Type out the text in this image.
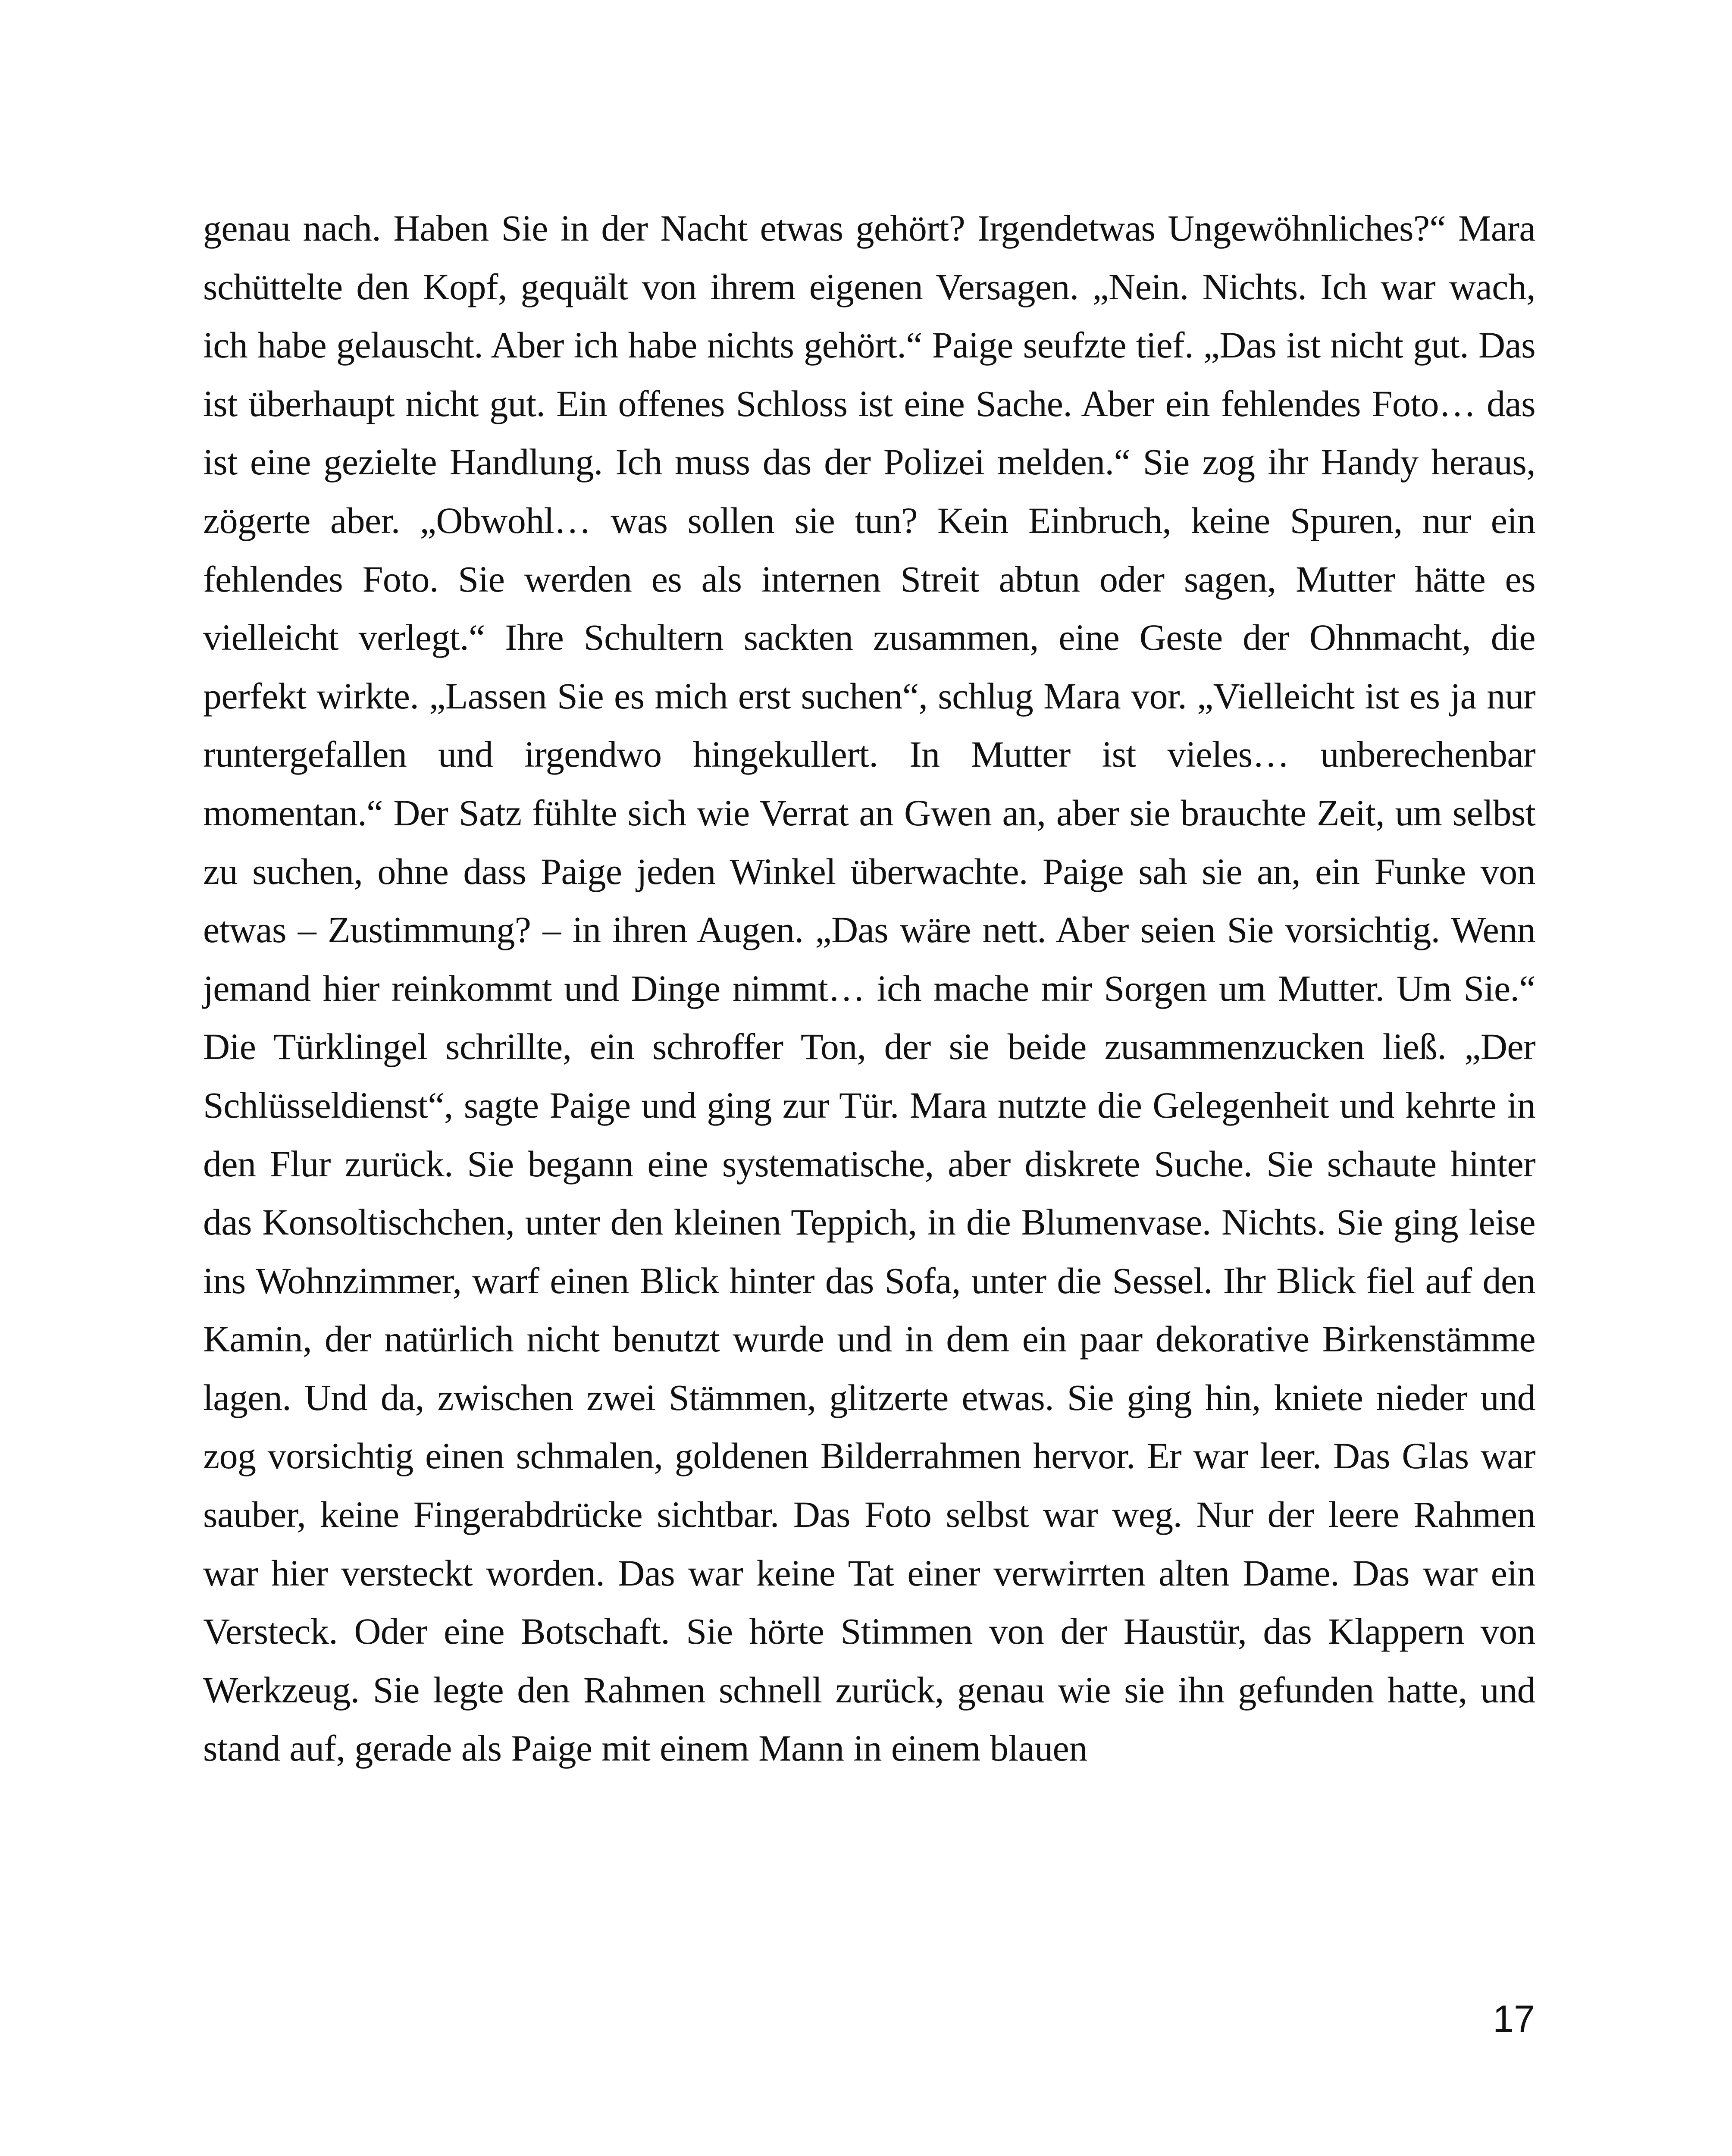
genau nach. Haben Sie in der Nacht etwas gehört? Irgendetwas Ungewöhnliches?“ Mara schüttelte den Kopf, gequält von ihrem eigenen Versagen. „Nein. Nichts. Ich war wach, ich habe gelauscht. Aber ich habe nichts gehört.“ Paige seufzte tief. „Das ist nicht gut. Das ist überhaupt nicht gut. Ein offenes Schloss ist eine Sache. Aber ein fehlendes Foto… das ist eine gezielte Handlung. Ich muss das der Polizei melden.“ Sie zog ihr Handy heraus, zögerte aber. „Obwohl… was sollen sie tun? Kein Einbruch, keine Spuren, nur ein fehlendes Foto. Sie werden es als internen Streit abtun oder sagen, Mutter hätte es vielleicht verlegt.“ Ihre Schultern sackten zusammen, eine Geste der Ohnmacht, die perfekt wirkte. „Lassen Sie es mich erst suchen“, schlug Mara vor. „Vielleicht ist es ja nur runtergefallen und irgendwo hingekullert. In Mutter ist vieles… unberechenbar momentan.“ Der Satz fühlte sich wie Verrat an Gwen an, aber sie brauchte Zeit, um selbst zu suchen, ohne dass Paige jeden Winkel überwachte. Paige sah sie an, ein Funke von etwas – Zustimmung? – in ihren Augen. „Das wäre nett. Aber seien Sie vorsichtig. Wenn jemand hier reinkommt und Dinge nimmt… ich mache mir Sorgen um Mutter. Um Sie.“ Die Türklingel schrillte, ein schroffer Ton, der sie beide zusammenzucken ließ. „Der Schlüsseldienst“, sagte Paige und ging zur Tür. Mara nutzte die Gelegenheit und kehrte in den Flur zurück. Sie begann eine systematische, aber diskrete Suche. Sie schaute hinter das Konsoltischchen, unter den kleinen Teppich, in die Blumenvase. Nichts. Sie ging leise ins Wohnzimmer, warf einen Blick hinter das Sofa, unter die Sessel. Ihr Blick fiel auf den Kamin, der natürlich nicht benutzt wurde und in dem ein paar dekorative Birkenstämme lagen. Und da, zwischen zwei Stämmen, glitzerte etwas. Sie ging hin, kniete nieder und zog vorsichtig einen schmalen, goldenen Bilderrahmen hervor. Er war leer. Das Glas war sauber, keine Fingerabdrücke sichtbar. Das Foto selbst war weg. Nur der leere Rahmen war hier versteckt worden. Das war keine Tat einer verwirrten alten Dame. Das war ein Versteck. Oder eine Botschaft. Sie hörte Stimmen von der Haustür, das Klappern von Werkzeug. Sie legte den Rahmen schnell zurück, genau wie sie ihn gefunden hatte, und stand auf, gerade als Paige mit einem Mann in einem blauen

17
